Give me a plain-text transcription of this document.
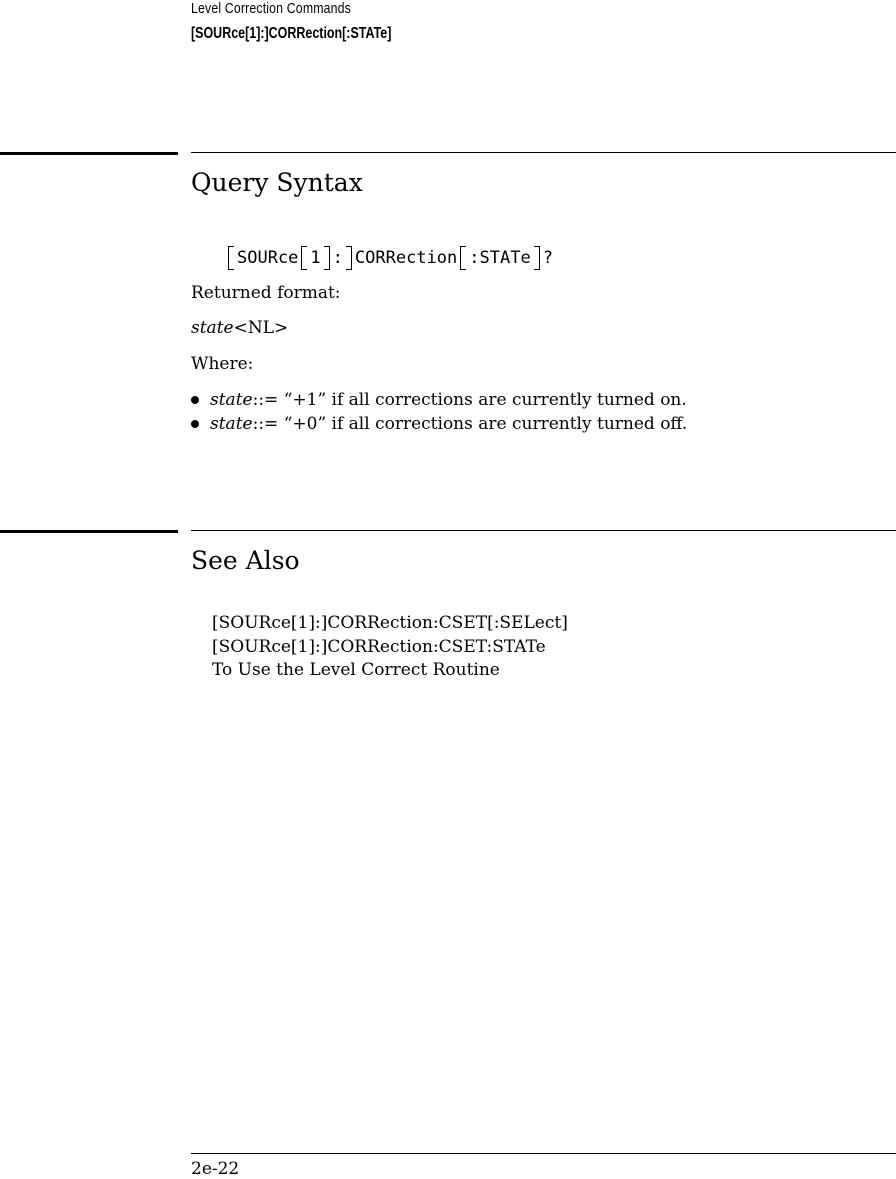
Level Correction Commands
[SOURce[1]:]CORRection[:STATe]
Query Syntax
SOURce 1 : CORRection :STATe ?
Returned format:
state<NL>
Where:
state ::= “+1” if all corrections are currently turned on.
state ::= “+0” if all corrections are currently turned off.
See Also
[SOURce[1]:]CORRection:CSET[:SELect]
[SOURce[1]:]CORRection:CSET:STATe
To Use the Level Correct Routine
2e-22
